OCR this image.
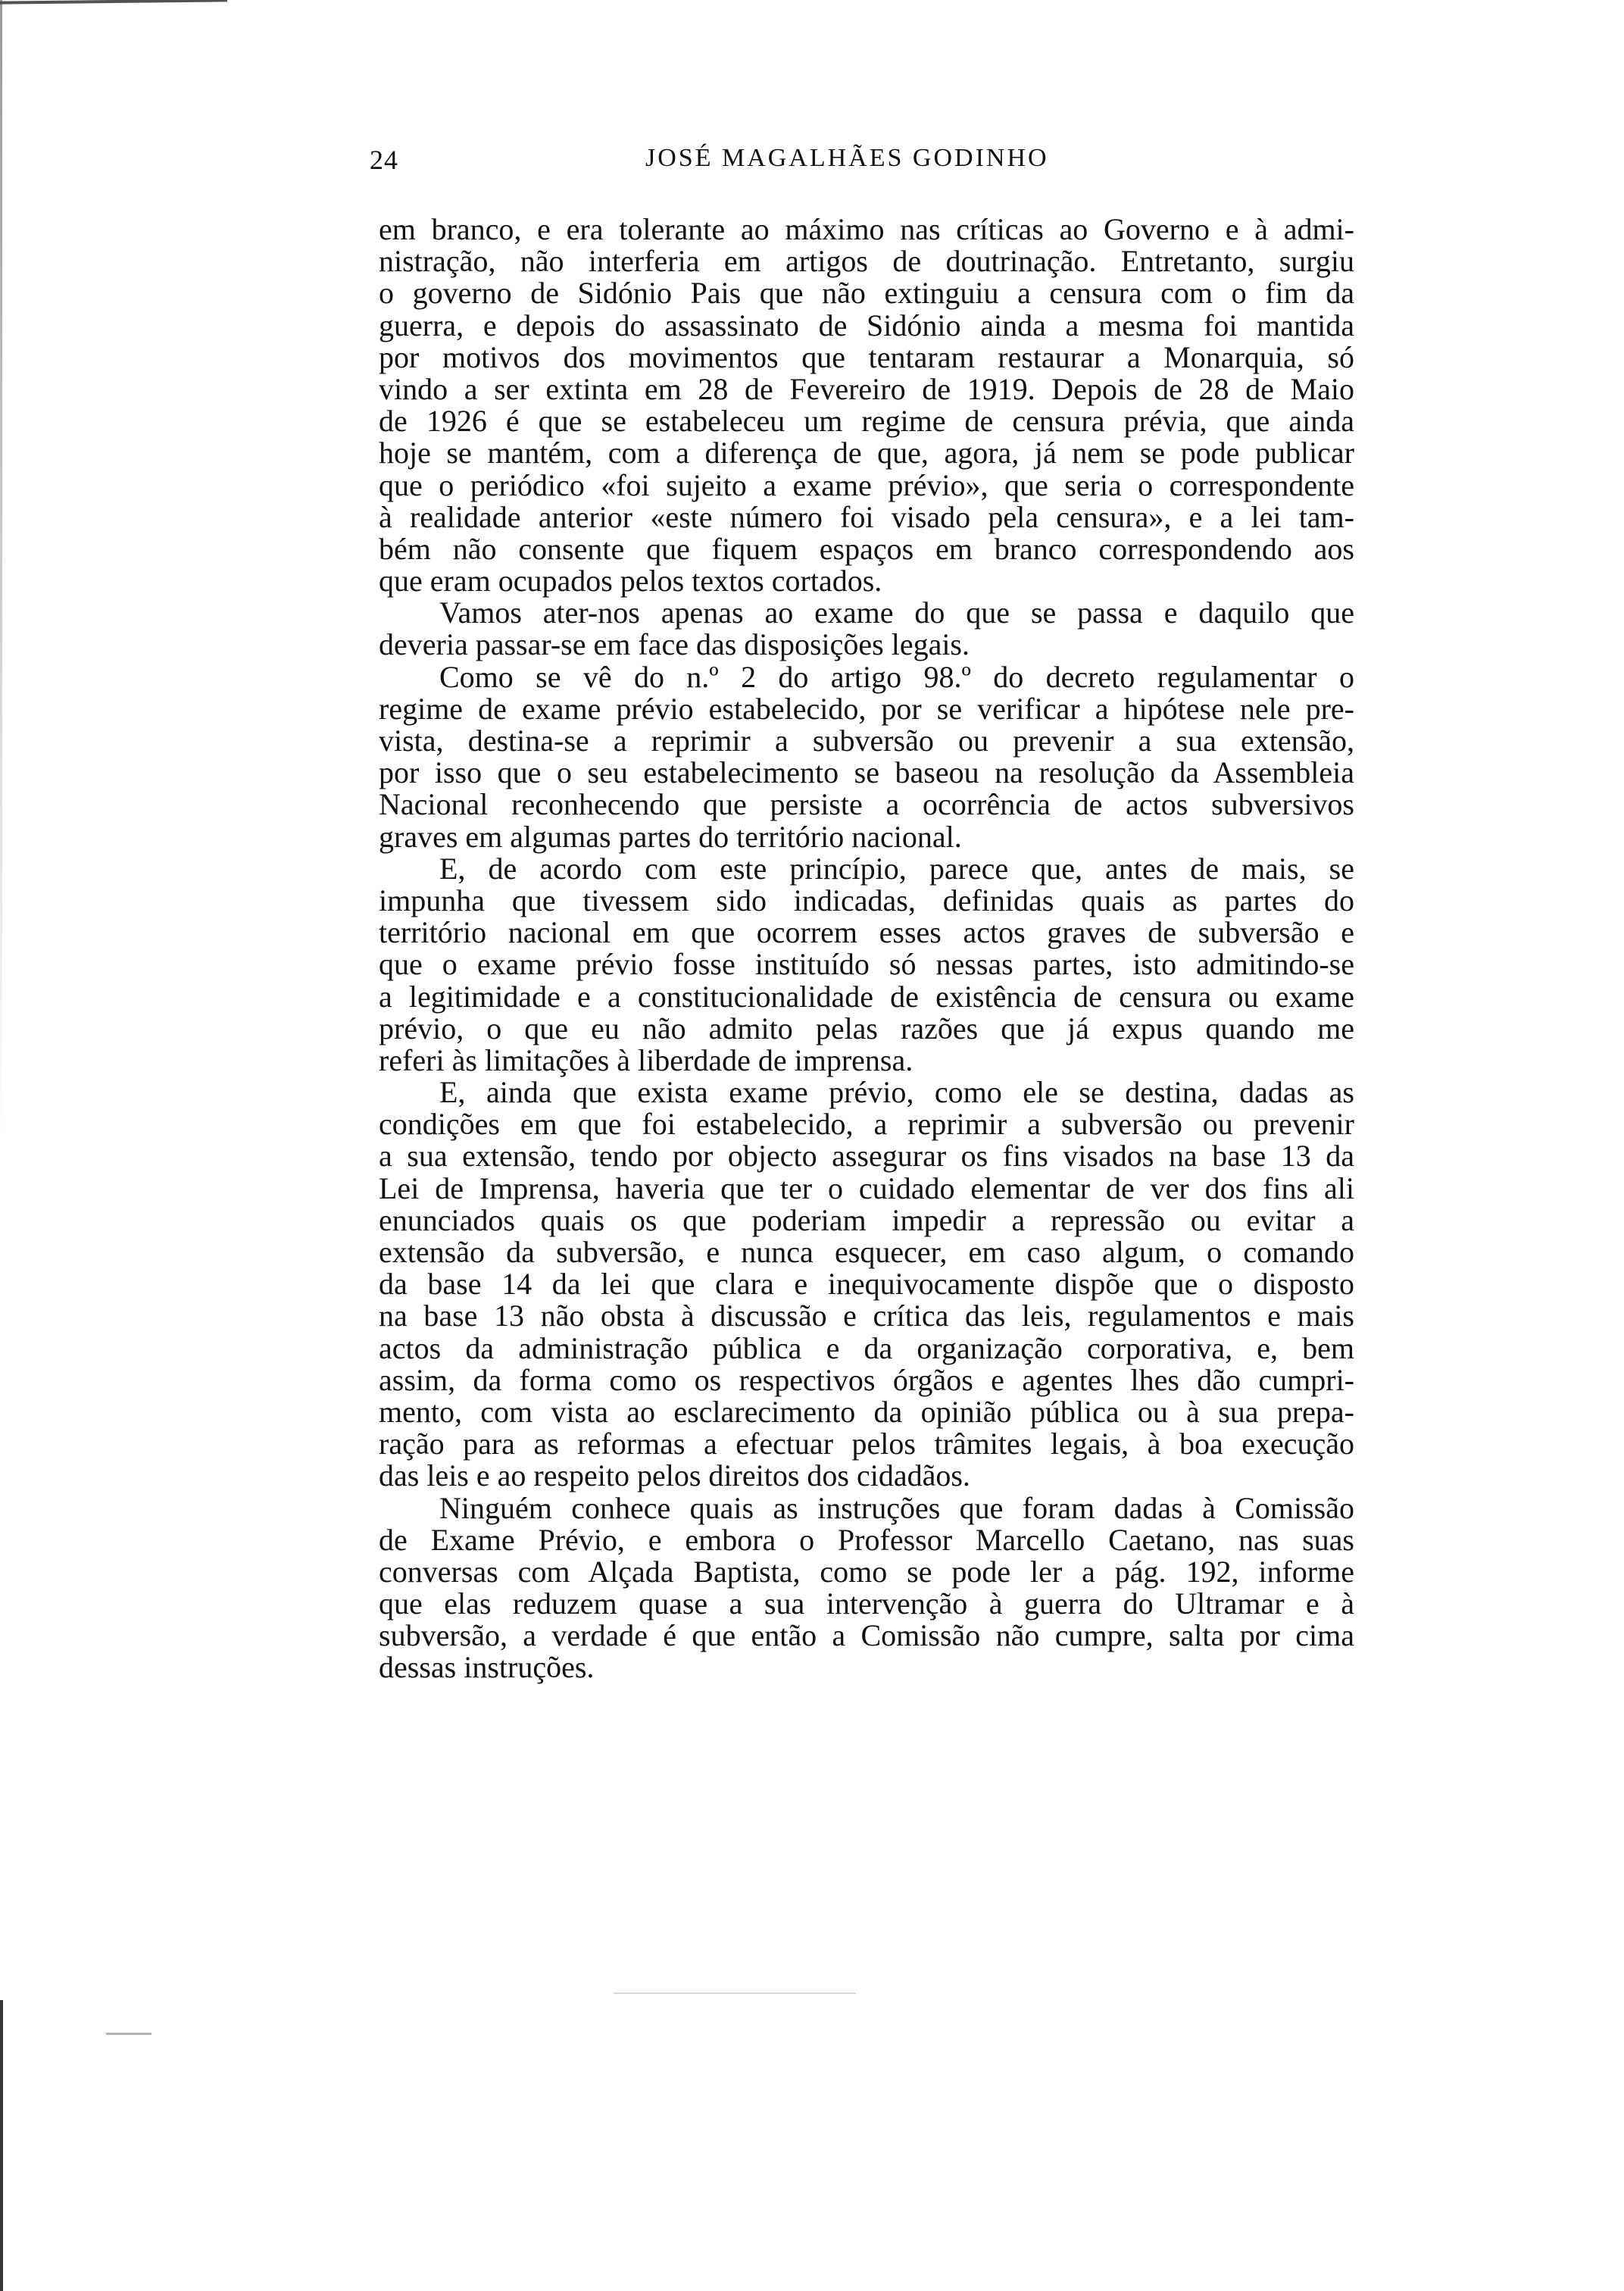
24	JOSÉ MAGALHÃES GODINHO
em branco, e era tolerante ao máximo nas críticas ao Governo e à admi-
nistração, não interferia em artigos de doutrinação. Entretanto, surgiu
o governo de Sidónio Pais que não extinguiu a censura com o fim da
guerra, e depois do assassinato de Sidónio ainda a mesma foi mantida
por motivos dos movimentos que tentaram restaurar a Monarquia, só
vindo a ser extinta em 28 de Fevereiro de 1919. Depois de 28 de Maio
de 1926 é que se estabeleceu um regime de censura prévia, que ainda
hoje se mantém, com a diferença de que, agora, já nem se pode publicar
que o periódico «foi sujeito a exame prévio», que seria o correspondente
à realidade anterior «este número foi visado pela censura», e a lei tam-
bém não consente que fiquem espaços em branco correspondendo aos
que eram ocupados pelos textos cortados.
Vamos ater-nos apenas ao exame do que se passa e daquilo que
deveria passar-se em face das disposições legais.
Como se vê do n.º 2 do artigo 98.º do decreto regulamentar o
regime de exame prévio estabelecido, por se verificar a hipótese nele pre-
vista, destina-se a reprimir a subversão ou prevenir a sua extensão,
por isso que o seu estabelecimento se baseou na resolução da Assembleia
Nacional reconhecendo que persiste a ocorrência de actos subversivos
graves em algumas partes do território nacional.
E, de acordo com este princípio, parece que, antes de mais, se
impunha que tivessem sido indicadas, definidas quais as partes do
território nacional em que ocorrem esses actos graves de subversão e
que o exame prévio fosse instituído só nessas partes, isto admitindo-se
a legitimidade e a constitucionalidade de existência de censura ou exame
prévio, o que eu não admito pelas razões que já expus quando me
referi às limitações à liberdade de imprensa.
E, ainda que exista exame prévio, como ele se destina, dadas as
condições em que foi estabelecido, a reprimir a subversão ou prevenir
a sua extensão, tendo por objecto assegurar os fins visados na base 13 da
Lei de Imprensa, haveria que ter o cuidado elementar de ver dos fins ali
enunciados quais os que poderiam impedir a repressão ou evitar a
extensão da subversão, e nunca esquecer, em caso algum, o comando
da base 14 da lei que clara e inequivocamente dispõe que o disposto
na base 13 não obsta à discussão e crítica das leis, regulamentos e mais
actos da administração pública e da organização corporativa, e, bem
assim, da forma como os respectivos órgãos e agentes lhes dão cumpri-
mento, com vista ao esclarecimento da opinião pública ou à sua prepa-
ração para as reformas a efectuar pelos trâmites legais, à boa execução
das leis e ao respeito pelos direitos dos cidadãos.
Ninguém conhece quais as instruções que foram dadas à Comissão
de Exame Prévio, e embora o Professor Marcello Caetano, nas suas
conversas com Alçada Baptista, como se pode ler a pág. 192, informe
que elas reduzem quase a sua intervenção à guerra do Ultramar e à
subversão, a verdade é que então a Comissão não cumpre, salta por cima
dessas instruções.
